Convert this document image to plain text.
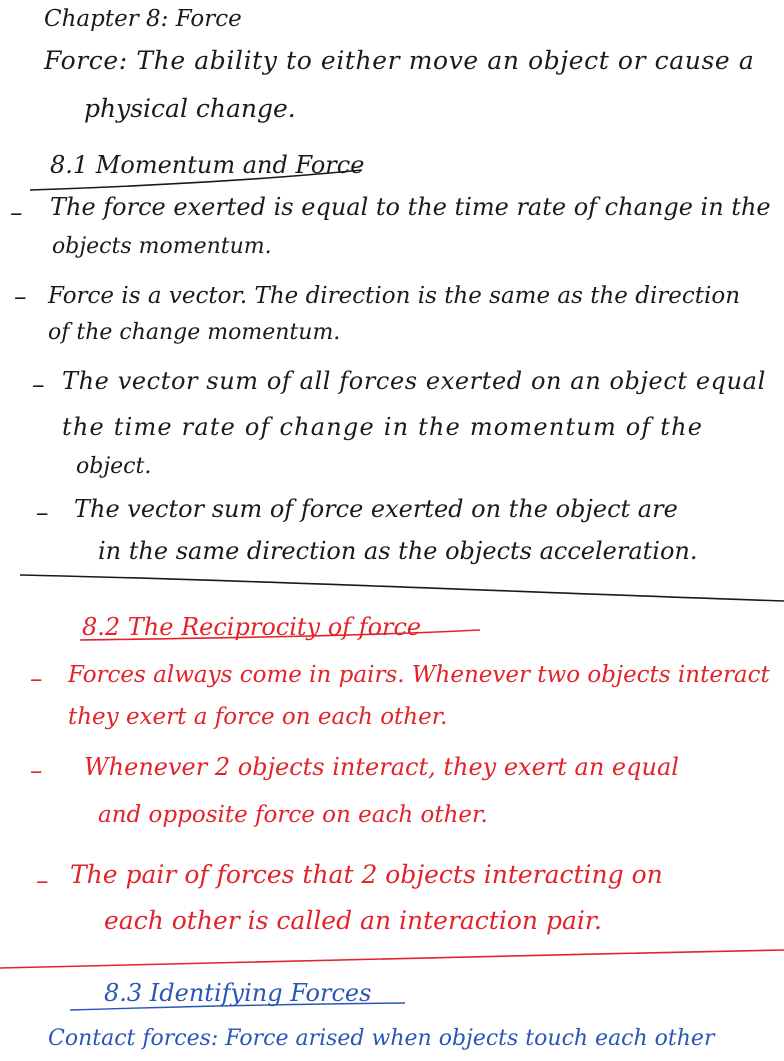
Chapter 8: Force
Force: The ability to either move an object or cause a
physical change.
8.1 Momentum and Force
– The force exerted is equal to the time rate of change in the
objects momentum.
– Force is a vector. The direction is the same as the direction
of the change momentum.
– The vector sum of all forces exerted on an object equal
the time rate of change in the momentum of the
object.
– The vector sum of force exerted on the object are
in the same direction as the objects acceleration.
8.2 The Reciprocity of force
– Forces always come in pairs. Whenever two objects interact
they exert a force on each other.
– Whenever 2 objects interact, they exert an equal
and opposite force on each other.
– The pair of forces that 2 objects interacting on
each other is called an interaction pair.
8.3 Identifying Forces
Contact forces: Force arised when objects touch each other
